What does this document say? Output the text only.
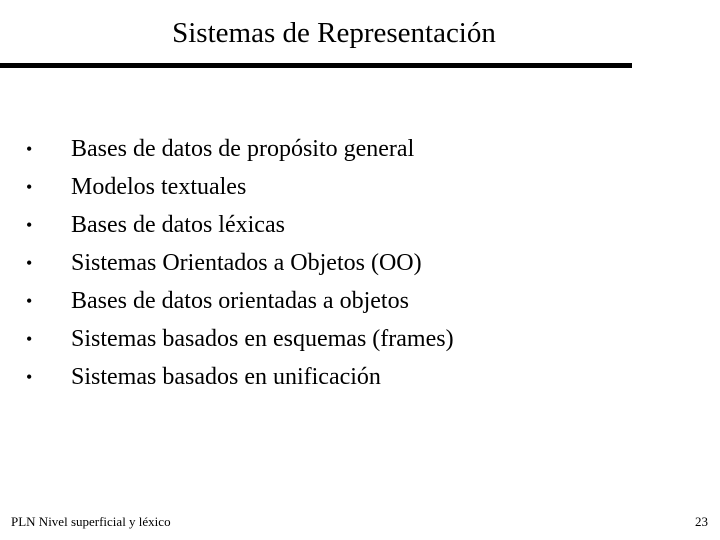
Sistemas de Representación
•	Bases de datos de propósito general
•	Modelos textuales
•	Bases de datos léxicas
•	Sistemas Orientados a Objetos (OO)
•	Bases de datos orientadas a objetos
•	Sistemas basados en esquemas (frames)
•	Sistemas basados en unificación
PLN Nivel superficial y léxico	23
